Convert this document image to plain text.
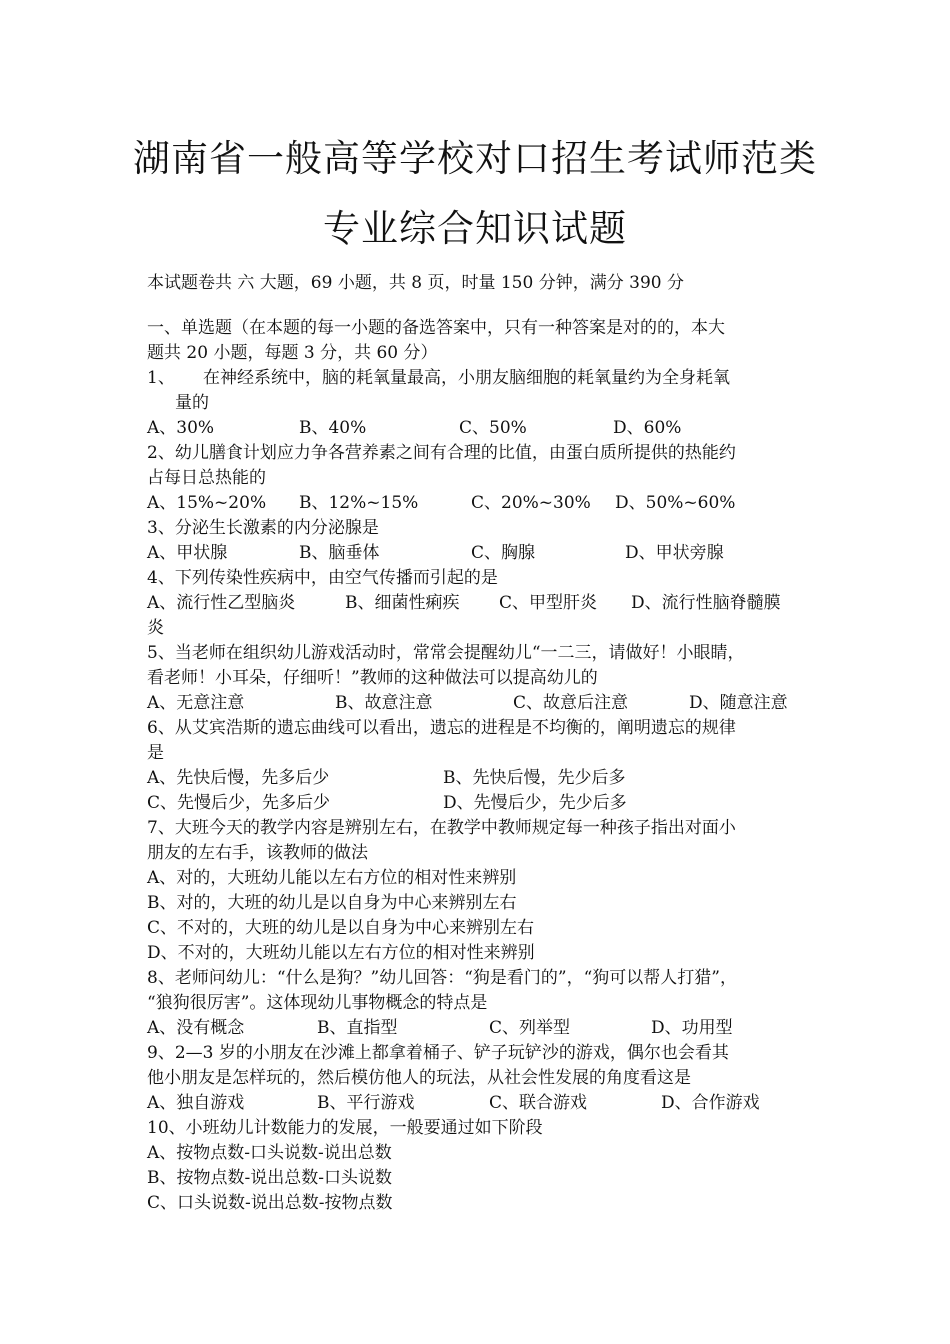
湖南省一般高等学校对口招生考试师范类
专业综合知识试题
本试题卷共 六 大题，69 小题，共 8 页，时量 150 分钟，满分 390 分
一、单选题（在本题的每一小题的备选答案中，只有一种答案是对的的，本大
题共 20 小题，每题 3 分，共 60 分）
1、 在神经系统中，脑的耗氧量最高，小朋友脑细胞的耗氧量约为全身耗氧
量的
A、30%	B、40%	C、50%	D、60%
2、幼儿膳食计划应力争各营养素之间有合理的比值，由蛋白质所提供的热能约
占每日总热能的
A、15%~20%	B、12%~15%	C、20%~30%	D、50%~60%
3、分泌生长激素的内分泌腺是
A、甲状腺	B、脑垂体	C、胸腺	D、甲状旁腺
4、下列传染性疾病中，由空气传播而引起的是
A、流行性乙型脑炎	B、细菌性痢疾	C、甲型肝炎	D、流行性脑脊髓膜
炎
5、当老师在组织幼儿游戏活动时，常常会提醒幼儿“一二三，请做好！小眼睛，
看老师！小耳朵，仔细听！”教师的这种做法可以提高幼儿的
A、无意注意	B、故意注意	C、故意后注意	D、随意注意
6、从艾宾浩斯的遗忘曲线可以看出，遗忘的进程是不均衡的，阐明遗忘的规律
是
A、先快后慢，先多后少	B、先快后慢，先少后多
C、先慢后少，先多后少	D、先慢后少，先少后多
7、大班今天的教学内容是辨别左右，在教学中教师规定每一种孩子指出对面小
朋友的左右手，该教师的做法
A、对的，大班幼儿能以左右方位的相对性来辨别
B、对的，大班的幼儿是以自身为中心来辨别左右
C、不对的，大班的幼儿是以自身为中心来辨别左右
D、不对的，大班幼儿能以左右方位的相对性来辨别
8、老师问幼儿：“什么是狗？”幼儿回答：“狗是看门的”，“狗可以帮人打猎”，
“狼狗很厉害”。这体现幼儿事物概念的特点是
A、没有概念	B、直指型	C、列举型	D、功用型
9、2—3 岁的小朋友在沙滩上都拿着桶子、铲子玩铲沙的游戏，偶尔也会看其
他小朋友是怎样玩的，然后模仿他人的玩法，从社会性发展的角度看这是
A、独自游戏	B、平行游戏	C、联合游戏	D、合作游戏
10、小班幼儿计数能力的发展，一般要通过如下阶段
A、按物点数-口头说数-说出总数
B、按物点数-说出总数-口头说数
C、口头说数-说出总数-按物点数
